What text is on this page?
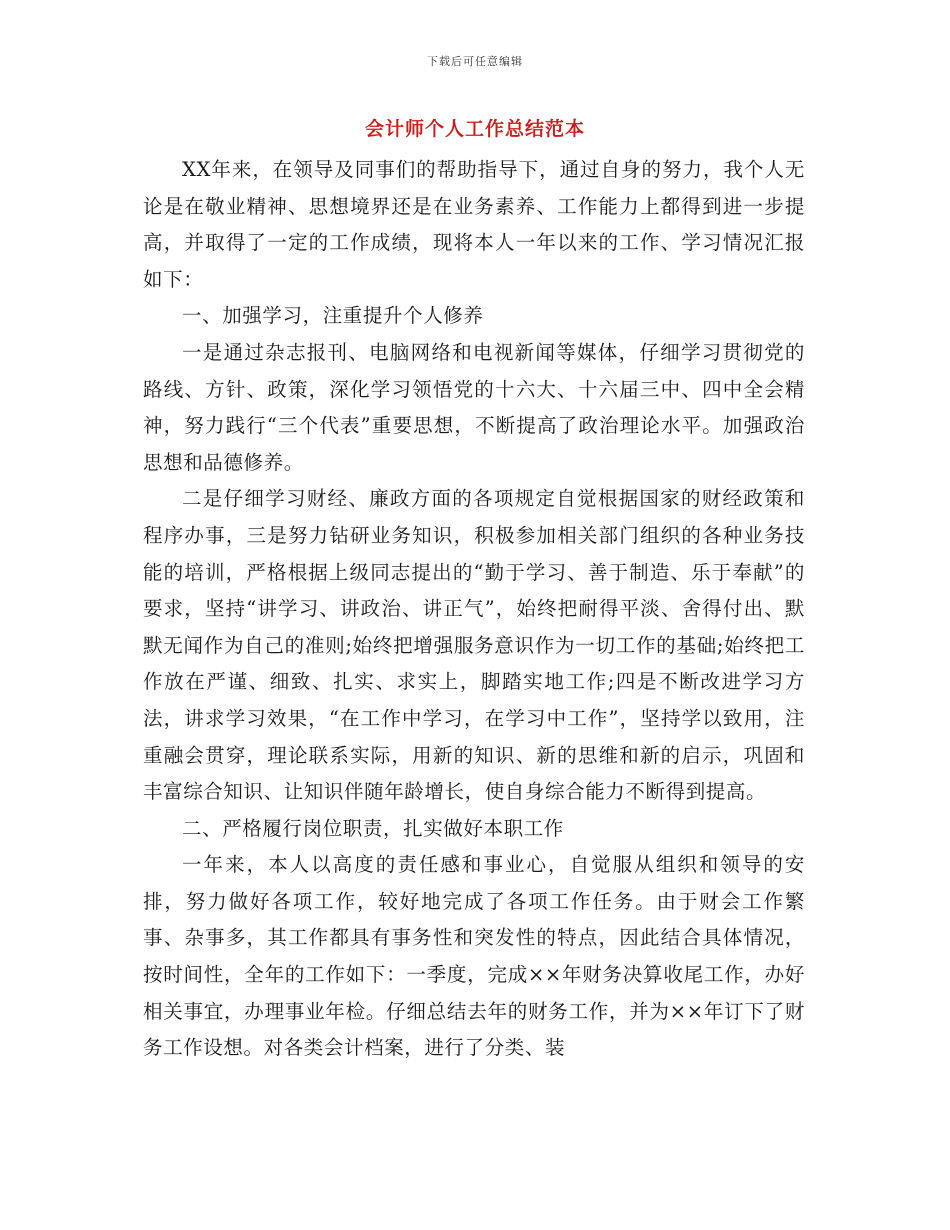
下载后可任意编辑
会计师个人工作总结范本

XX年来，在领导及同事们的帮助指导下，通过自身的努力，我个人无论是在敬业精神、思想境界还是在业务素养、工作能力上都得到进一步提高，并取得了一定的工作成绩，现将本人一年以来的工作、学习情况汇报如下：

一、加强学习，注重提升个人修养

一是通过杂志报刊、电脑网络和电视新闻等媒体，仔细学习贯彻党的路线、方针、政策，深化学习领悟党的十六大、十六届三中、四中全会精神，努力践行“三个代表”重要思想，不断提高了政治理论水平。加强政治思想和品德修养。

二是仔细学习财经、廉政方面的各项规定自觉根据国家的财经政策和程序办事，三是努力钻研业务知识，积极参加相关部门组织的各种业务技能的培训，严格根据上级同志提出的“勤于学习、善于制造、乐于奉献”的要求，坚持“讲学习、讲政治、讲正气”，始终把耐得平淡、舍得付出、默默无闻作为自己的准则;始终把增强服务意识作为一切工作的基础;始终把工作放在严谨、细致、扎实、求实上，脚踏实地工作;四是不断改进学习方法，讲求学习效果，“在工作中学习，在学习中工作”，坚持学以致用，注重融会贯穿，理论联系实际，用新的知识、新的思维和新的启示，巩固和丰富综合知识、让知识伴随年龄增长，使自身综合能力不断得到提高。

二、严格履行岗位职责，扎实做好本职工作

一年来，本人以高度的责任感和事业心，自觉服从组织和领导的安排，努力做好各项工作，较好地完成了各项工作任务。由于财会工作繁事、杂事多，其工作都具有事务性和突发性的特点，因此结合具体情况，按时间性，全年的工作如下：一季度，完成××年财务决算收尾工作，办好相关事宜，办理事业年检。仔细总结去年的财务工作，并为××年订下了财务工作设想。对各类会计档案，进行了分类、装
